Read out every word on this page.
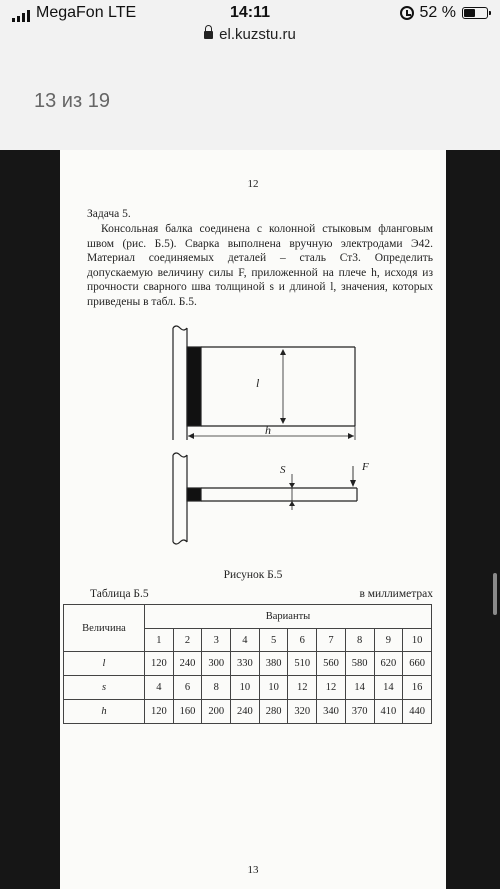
MegaFon LTE	14:11	52 %
el.kuzstu.ru
13 из 19
12
Задача 5.

Консольная балка соединена с колонной стыковым фланговым швом (рис. Б.5). Сварка выполнена вручную электродами Э42. Материал соединяемых деталей – сталь Ст3. Определить допускаемую величину силы F, приложенной на плече h, исходя из прочности сварного шва толщиной s и длиной l, значения, которых приведены в табл. Б.5.

l
h
S	F
Рисунок Б.5
Таблица Б.5	в миллиметрах
Величина	Варианты									
	1	2	3	4	5	6	7	8	9	10
l	120	240	300	330	380	510	560	580	620	660
s	4	6	8	10	10	12	12	14	14	16
h	120	160	200	240	280	320	340	370	410	440
13
